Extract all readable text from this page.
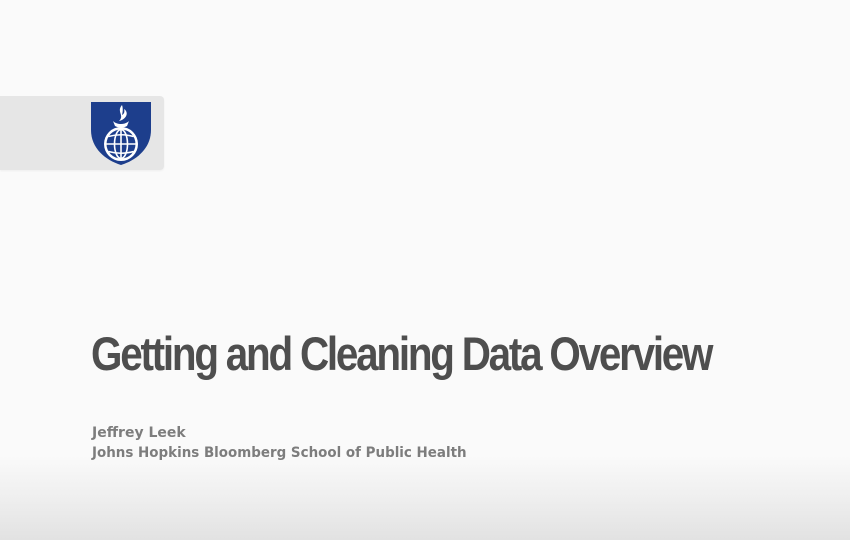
Getting and Cleaning Data Overview
Jeffrey Leek
Johns Hopkins Bloomberg School of Public Health
